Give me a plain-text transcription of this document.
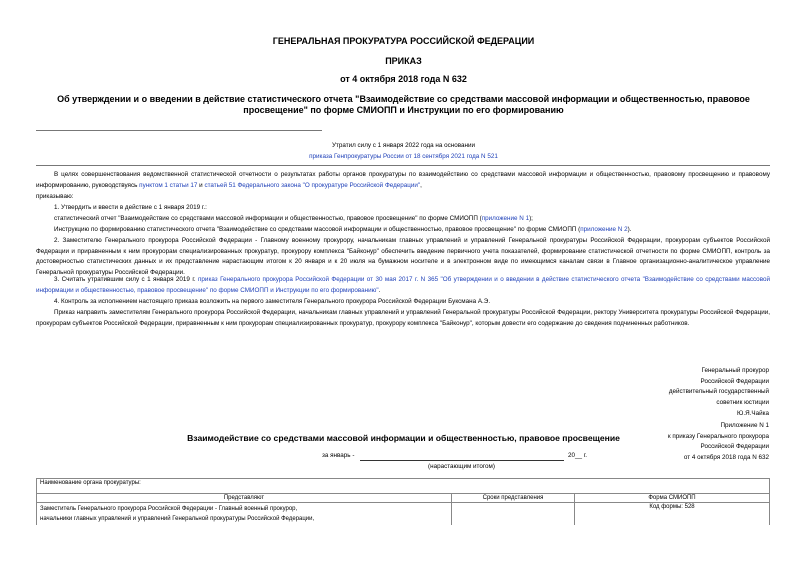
ГЕНЕРАЛЬНАЯ ПРОКУРАТУРА РОССИЙСКОЙ ФЕДЕРАЦИИ
ПРИКАЗ
от 4 октября 2018 года N 632
Об утверждении и о введении в действие статистического отчета "Взаимодействие со средствами массовой информации и общественностью, правовое
просвещение" по форме СМИОПП и Инструкции по его формированию
Утратил силу с 1 января 2022 года на основании
приказа Генпрокуратуры России от 18 сентября 2021 года N 521
В целях совершенствования ведомственной статистической отчетности о результатах работы органов прокуратуры по взаимодействию со средствами массовой информации и общественностью, правовому просвещению и правовому информированию, руководствуясь пунктом 1 статьи 17 и статьей 51 Федерального закона "О прокуратуре Российской Федерации",
приказываю:
1. Утвердить и ввести в действие с 1 января 2019 г.:
статистический отчет "Взаимодействие со средствами массовой информации и общественностью, правовое просвещение" по форме СМИОПП (приложение N 1);
Инструкцию по формированию статистического отчета "Взаимодействие со средствами массовой информации и общественностью, правовое просвещение" по форме СМИОПП (приложение N 2).
2. Заместителю Генерального прокурора Российской Федерации - Главному военному прокурору, начальникам главных управлений и управлений Генеральной прокуратуры Российской Федерации, прокурорам субъектов Российской Федерации и приравненным к ним прокурорам специализированных прокуратур, прокурору комплекса "Байконур" обеспечить введение первичного учета показателей, формирование статистической отчетности по форме СМИОПП, контроль за достоверностью статистических данных и их представление нарастающим итогом к 20 января и к 20 июля на бумажном носителе и в электронном виде по имеющимся каналам связи в Главное организационно-аналитическое управление Генеральной прокуратуры Российской Федерации.
3. Считать утратившим силу с 1 января 2019 г. приказ Генерального прокурора Российской Федерации от 30 мая 2017 г. N 365 "Об утверждении и о введении в действие статистического отчета "Взаимодействие со средствами массовой информации и общественностью, правовое просвещение" по форме СМИОПП и Инструкции по его формированию".
4. Контроль за исполнением настоящего приказа возложить на первого заместителя Генерального прокурора Российской Федерации Буксмана А.Э.
Приказ направить заместителям Генерального прокурора Российской Федерации, начальникам главных управлений и управлений Генеральной прокуратуры Российской Федерации, ректору Университета прокуратуры Российской Федерации, прокурорам субъектов Российской Федерации, приравненным к ним прокурорам специализированных прокуратур, прокурору комплекса "Байконур", которым довести его содержание до сведения подчиненных работников.
Генеральный прокурор
Российской Федерации
действительный государственный
советник юстиции
Ю.Я.Чайка
Приложение N 1
к приказу Генерального прокурора
Российской Федерации
от 4 октября 2018 года N 632
Взаимодействие со средствами массовой информации и общественностью, правовое просвещение
за январь -	20__ г.
(нарастающим итогом)
Наименование органа прокуратуры:		

Представляют	Сроки представления	Форма СМИОПП

Заместитель Генерального прокурора Российской Федерации - Главный военный прокурор,
начальники главных управлений и управлений Генеральной прокуратуры Российской Федерации,		Код формы: 528
